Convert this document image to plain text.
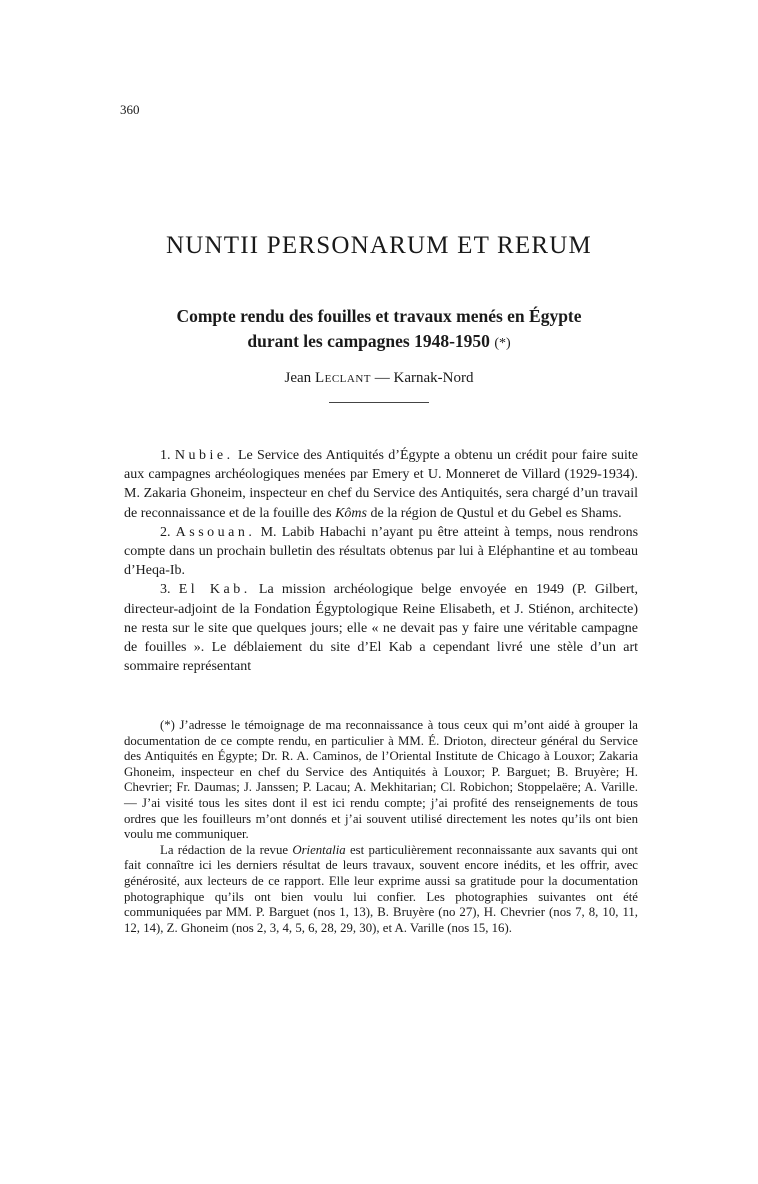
360
NUNTII PERSONARUM ET RERUM
Compte rendu des fouilles et travaux menés en Égypte
durant les campagnes 1948-1950 (*)
Jean Leclant — Karnak-Nord

1. Nubie. Le Service des Antiquités d’Égypte a obtenu un crédit pour faire suite aux campagnes archéologiques menées par Emery et U. Monneret de Villard (1929-1934). M. Zakaria Ghoneim, inspecteur en chef du Service des Antiquités, sera chargé d’un travail de reconnaissance et de la fouille des Kôms de la région de Qustul et du Gebel es Shams.

2. Assouan. M. Labib Habachi n’ayant pu être atteint à temps, nous rendrons compte dans un prochain bulletin des résultats obtenus par lui à Eléphantine et au tombeau d’Heqa-Ib.

3. El Kab. La mission archéologique belge envoyée en 1949 (P. Gilbert, directeur-adjoint de la Fondation Égyptologique Reine Elisabeth, et J. Stiénon, architecte) ne resta sur le site que quelques jours; elle « ne devait pas y faire une véritable campagne de fouilles ». Le déblaiement du site d’El Kab a cependant livré une stèle d’un art sommaire représentant

(*) J’adresse le témoignage de ma reconnaissance à tous ceux qui m’ont aidé à grouper la documentation de ce compte rendu, en particulier à MM. É. Drioton, directeur général du Service des Antiquités en Égypte; Dr. R. A. Caminos, de l’Oriental Institute de Chicago à Louxor; Zakaria Ghoneim, inspecteur en chef du Service des Antiquités à Louxor; P. Barguet; B. Bruyère; H. Chevrier; Fr. Daumas; J. Janssen; P. Lacau; A. Mekhitarian; Cl. Robichon; Stoppelaëre; A. Varille. — J’ai visité tous les sites dont il est ici rendu compte; j’ai profité des renseignements de tous ordres que les fouilleurs m’ont donnés et j’ai souvent utilisé directement les notes qu’ils ont bien voulu me communiquer.

La rédaction de la revue Orientalia est particulièrement reconnaissante aux savants qui ont fait connaître ici les derniers résultat de leurs travaux, souvent encore inédits, et les offrir, avec générosité, aux lecteurs de ce rapport. Elle leur exprime aussi sa gratitude pour la documentation photographique qu’ils ont bien voulu lui confier. Les photographies suivantes ont été communiquées par MM. P. Barguet (nos 1, 13), B. Bruyère (no 27), H. Chevrier (nos 7, 8, 10, 11, 12, 14), Z. Ghoneim (nos 2, 3, 4, 5, 6, 28, 29, 30), et A. Varille (nos 15, 16).
